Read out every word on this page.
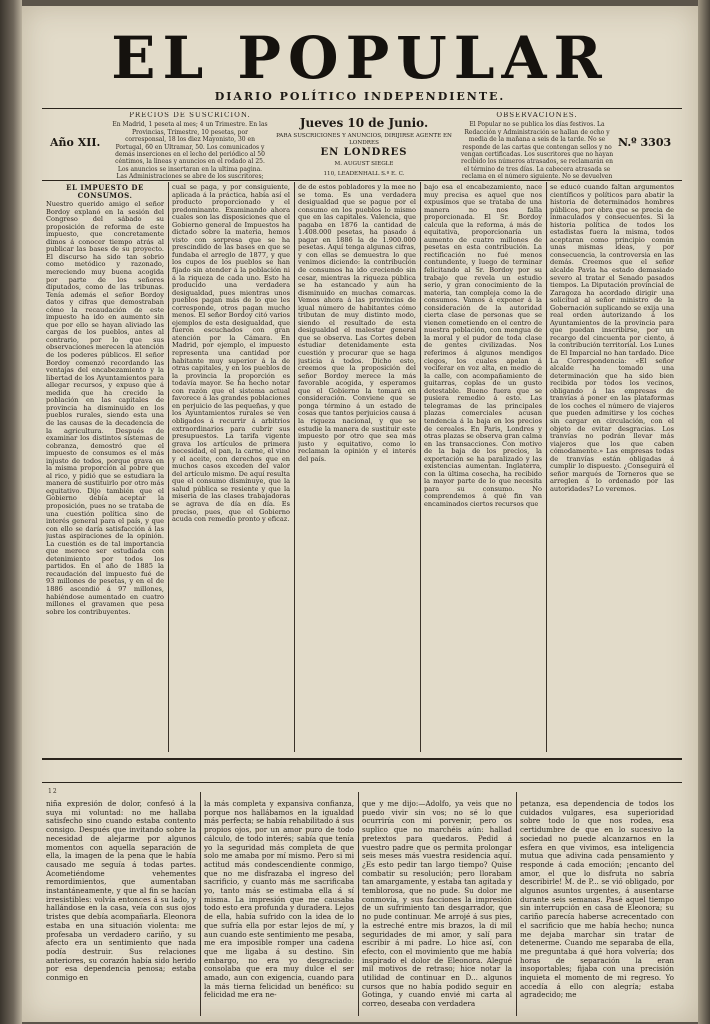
EL POPULAR
DIARIO POLÍTICO INDEPENDIENTE.
Año XII.
PRECIOS DE SUSCRICION.
En Madrid, 1 peseta al mes; 4 un Trimestre. En las Provincias, Trimestre, 10 pesetas, por corresponsal, 18 los diez Mayonisto, 30 en Portugal, 60 en Ultramar, 50. Los comunicados y demás inserciones en el lecho del periódico al 50 céntimos, la lineas y anuncios en el rodado al 25. Los anuncios se insertaran en la ultima pagina. Las Administraciones se abre de los suscritores;
Jueves 10 de Junio.
PARA SUSCRICIONES Y ANUNCIOS, DIRIJIRSE AGENTE EN LONDRES
EN LONDRES
M. AUGUST SIEGLE
110, LEADENHALL S.º E. C.
OBSERVACIONES.
El Popular no se publica los días festivos. La Redacción y Administración se hallan de ocho y media de la mañana a seis de la tarde. No se responde de las cartas que contengan sellos y no vengan certificadas. Los suscritores que no hayan recibido los números atrasados, se reclamarán en el término de tres días. La cabecera atrasada se reclama en el número siguiente. No se devuelven
N.º 3303
EL IMPUESTO DE CONSUMOS.
Nuestro querido amigo el señor Bordoy explanó en la sesión del Congreso del sábado su proposición de reforma de este impuesto, que concretamente dimos á conocer tiempo atrás al publicar las bases de su proyecto. El discurso ha sido tan sobrio como metódico y razonado, mereciendo muy buena acogida por parte de los señores diputados, como de las tribunas. Tenía además el señor Bordoy datos y cifras que demostraban cómo la recaudación de este impuesto ha ido en aumento sin que por ello se hayan aliviado las cargas de los pueblos, antes al contrario, por lo que sus observaciones merecen la atención de los poderes públicos. El señor Bordoy comenzó recordando las ventajas del encabezamiento y la libertad de los Ayuntamientos para allegar recursos, y expuso que á medida que ha crecido la población en las capitales de provincia ha disminuido en los pueblos rurales, siendo esta una de las causas de la decadencia de la agricultura. Después de examinar los distintos sistemas de cobranza, demostró que el impuesto de consumos es el más injusto de todos, porque grava en la misma proporción al pobre que al rico, y pidió que se estudiara la manera de sustituirlo por otro más equitativo. Dijo también que el Gobierno debía aceptar la proposición, pues no se trataba de una cuestión política sino de interés general para el país, y que con ello se daría satisfacción á las justas aspiraciones de la opinión. La cuestión es de tal importancia que merece ser estudiada con detenimiento por todos los partidos. En el año de 1885 la recaudación del impuesto fué de 93 millones de pesetas, y en el de 1886 ascendió á 97 millones, habiéndose aumentado en cuatro millones el gravamen que pesa sobre los contribuyentes.
cual se paga, y por consiguiente, aplicada á la práctica, había así el producto proporcionado y el predominante. Examinando ahora cuales son las disposiciones que el Gobierno general de Impuestos ha dictado sobre la materia, hemos visto con sorpresa que se ha prescindido de las bases en que se fundaba el arreglo de 1877, y que los cupos de los pueblos se han fijado sin atender á la población ni á la riqueza de cada uno. Esto ha producido una verdadera desigualdad, pues mientras unos pueblos pagan más de lo que les corresponde, otros pagan mucho menos. El señor Bordoy citó varios ejemplos de esta desigualdad, que fueron escuchados con gran atención por la Cámara. En Madrid, por ejemplo, el impuesto representa una cantidad por habitante muy superior á la de otras capitales, y en los pueblos de la provincia la proporción es todavía mayor. Se ha hecho notar con razón que el sistema actual favorece á las grandes poblaciones en perjuicio de las pequeñas, y que los Ayuntamientos rurales se ven obligados á recurrir á arbitrios extraordinarios para cubrir sus presupuestos. La tarifa vigente grava los artículos de primera necesidad, el pan, la carne, el vino y el aceite, con derechos que en muchos casos exceden del valor del artículo mismo. De aquí resulta que el consumo disminuye, que la salud pública se resiente y que la miseria de las clases trabajadoras se agrava de día en día. Es preciso, pues, que el Gobierno acuda con remedio pronto y eficaz.
de de estos pobladores y la mee no se toma. Es una verdadera desigualdad que se pague por el consumo en los pueblos lo mismo que en las capitales. Valencia, que pagaba en 1876 la cantidad de 1.408.000 pesetas, ha pasado á pagar en 1886 la de 1.900.000 pesetas. Aquí tenga algunas cifras, y con ellas se demuestra lo que venimos diciendo: la contribución de consumos ha ido creciendo sin cesar, mientras la riqueza pública se ha estancado y aun ha disminuido en muchas comarcas. Vemos ahora á las provincias de igual número de habitantes cómo tributan de muy distinto modo, siendo el resultado de esta desigualdad el malestar general que se observa. Las Cortes deben estudiar detenidamente esta cuestión y procurar que se haga justicia á todos. Dicho esto, creemos que la proposición del señor Bordoy merece la más favorable acogida, y esperamos que el Gobierno la tomará en consideración. Conviene que se ponga término á un estado de cosas que tantos perjuicios causa á la riqueza nacional, y que se estudie la manera de sustituir este impuesto por otro que sea más justo y equitativo, como lo reclaman la opinión y el interés del país.
bajo esa el encabezamiento, nace muy precisa es aquel que nos expusimos que se trataba de una manera no nos falla proporcionada. El Sr. Bordoy calcula que la reforma, á más de equitativa, proporcionaría un aumento de cuatro millones de pesetas en esta contribución. La rectificación no fué menos contundente, y luego de terminar felicitando al Sr. Bordoy por su trabajo que revela un estudio serio, y gran conocimiento de la materia, tan compleja como la de consumos. Vamos á exponer á la consideración de la autoridad cierta clase de personas que se vienen cometiendo en el centro de nuestra población, con mengua de la moral y el pudor de toda clase de gentes civilizadas. Nos referimos á algunos mendigos ciegos, los cuales apelan á vociferar en voz alta, en medio de la calle, con acompañamiento de guitarras, coplas de un gusto detestable. Bueno fuera que se pusiera remedio á esto. Las telegramas de las principales plazas comerciales acusan tendencia á la baja en los precios de cereales. En Paris, Londres y otras plazas se observa gran calma en las transacciones. Con motivo de la baja de los precios, la exportación se ha paralizado y las existencias aumentan. Inglaterra, con la última cosecha, ha recibido la mayor parte de lo que necesita para su consumo. No comprendemos á qué fin van encaminados ciertos recursos que
se educó cuando faltan argumentos científicos y políticos para abatir la historia de determinados hombres públicos, por obra que se precia de inmaculados y consecuentes. Si la historia política de todos los estadistas fuera la misma, todos aceptaran como principio común unas mismas ideas, y por consecuencia, la controversia en las demás. Creemos que el señor alcalde Pavia ha estado demasiado severo al tratar el Senado pasados tiempos. La Diputación provincial de Zaragoza ha acordado dirigir una solicitud al señor ministro de la Gobernación suplicando se exija una real orden autorizando á los Ayuntamientos de la provincia para que puedan inscribirse, por un recargo del cincuenta por ciento, á la contribución territorial. Los Lunes de El Imparcial no han tardado. Dice La Correspondencia: «El señor alcalde ha tomado una determinación que ha sido bien recibida por todos los vecinos, obligando á las empresas de tranvías á poner en las plataformas de los coches el número de viajeros que pueden admitirse y los coches sin cargar en circulación, con el objeto de evitar desgracias. Los tranvías no podrán llevar más viajeros que los que caben cómodamente.» Las empresas todas de tranvías están obligadas á cumplir lo dispuesto. ¿Conseguirá el señor marqués de Torneros que se arreglen á lo ordenado por las autoridades? Lo veremos.
12
niña expresión de dolor, confesó á la suya mi voluntad: no me hallaba satisfecho sino cuando estaba contento consigo. Después que invitando sobre la necesidad de alejarme por algunos momentos con aquella separación de ella, la imagen de la pena que le había causado me seguía á todas partes. Acometiéndome vehementes remordimientos, que aumentaban instantáneamente, y que al fin se hacían irresistibles: volvía entonces á su lado, y hallándose en la casa, veía con sus ojos tristes que debía acompañarla. Eleonora estaba en una situación violenta: me profesaba un verdadero cariño, y su afecto era un sentimiento que nada podía destruir. Sus relaciones anteriores, su corazón había sido herido por esa dependencia penosa; estaba conmigo en
la más completa y expansiva confianza, porque nos hallábamos en la igualdad más perfecta; se había rehabilitado á sus propios ojos, por un amor puro de todo cálculo, de todo interés; sabía que tenía yo la seguridad más completa de que solo me amaba por mí mismo. Pero si mi actitud más condescendiente conmigo, que no me disfrazaba el ingreso del sacrificio, y cuanto más me sacrificaba yo, tanto más se estimaba ella á sí misma. La impresión que me causaba todo esto era profunda y duradera. Lejos de ella, había sufrido con la idea de lo que sufría ella por estar lejos de mí, y aun cuando este sentimiento me pesaba, me era imposible romper una cadena que me ligaba á su destino. Sin embargo, no era yo desgraciado: consolaba que era muy dulce el ser amado, aun con exigencia, cuando para la más tierna felicidad un benéfico: su felicidad me era ne-
que y me dijo:—Adolfo, ya veis que no puedo vivir sin vos; no sé lo que ocurriría con mi porvenir, pero os suplico que no marchéis aún: hallad pretextos para quedaros. Pedid á vuestro padre que os permita prolongar seis meses más vuestra residencia aquí. ¿Es esto pedir tan largo tiempo? Quise combatir su resolución; pero llorabam tan amargamente, y estaba tan agitada y temblorosa, que no pude. Su dolor me conmovía, y sus facciones la impresión de un sufrimiento tan desgarrador, que no pude continuar. Me arrojé á sus pies, la estreché entre mis brazos, la di mil seguridades de mi amor, y salí para escribir á mi padre. Lo hice así, con efecto, con el movimiento que me había inspirado el dolor de Eleonora. Alegué mil motivos de retraso; hice notar la utilidad de continuar en D... algunos cursos que no había podido seguir en Gotinga, y cuando envié mi carta al correo, deseaba con verdadera
petanza, esa dependencia de todos los cuidados vulgares, esa superioridad sobre todo lo que nos rodea, esa certidumbre de que en lo sucesivo la sociedad no puede alcanzarnos en la esfera en que vivimos, esa inteligencia mutua que adivina cada pensamiento y responde á cada emoción; ¡encanto del amor, el que lo disfruta no sabría describirle! M. de P... se vió obligado, por algunos asuntos urgentes, á ausentarse durante seis semanas. Pasé aquel tiempo sin interrupción en casa de Eleonora; su cariño parecía haberse acrecentado con el sacrificio que me había hecho; nunca me dejaba marchar sin tratar de detenerme. Cuando me separaba de ella, me preguntaba á qué hora volvería; dos horas de separación la eran insoportables; fijaba con una precisión inquieta el momento de mi regreso. Yo accedía á ello con alegría; estaba agradecido; me
